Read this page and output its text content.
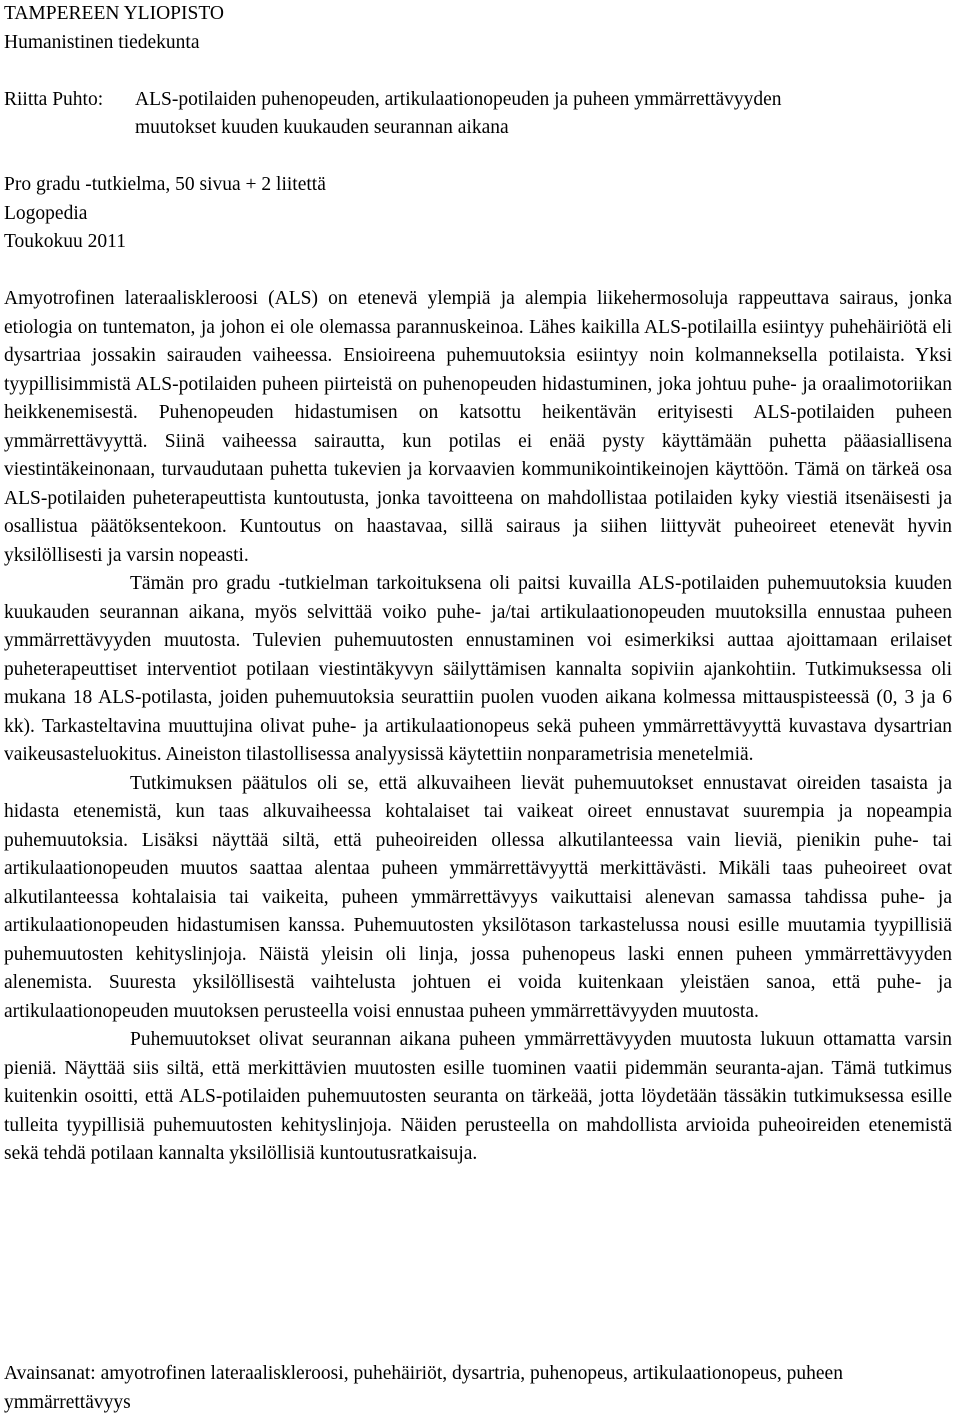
TAMPEREEN YLIOPISTO
Humanistinen tiedekunta
Riitta Puhto:	ALS-potilaiden puhenopeuden, artikulaationopeuden ja puheen ymmärrettävyyden
muutokset kuuden kuukauden seurannan aikana
Pro gradu -tutkielma, 50 sivua + 2 liitettä
Logopedia
Toukokuu 2011

Amyotrofinen lateraaliskleroosi (ALS) on etenevä ylempiä ja alempia liikehermosoluja rappeuttava sairaus, jonka etiologia on tuntematon, ja johon ei ole olemassa parannuskeinoa. Lähes kaikilla ALS-potilailla esiintyy puhehäiriötä eli dysartriaa jossakin sairauden vaiheessa. Ensioireena puhemuutoksia esiintyy noin kolmanneksella potilaista. Yksi tyypillisimmistä ALS-potilaiden puheen piirteistä on puhenopeuden hidastuminen, joka johtuu puhe- ja oraalimotoriikan heikkenemisestä. Puhenopeuden hidastumisen on katsottu heikentävän erityisesti ALS-potilaiden puheen ymmärrettävyyttä. Siinä vaiheessa sairautta, kun potilas ei enää pysty käyttämään puhetta pääasiallisena viestintäkeinonaan, turvaudutaan puhetta tukevien ja korvaavien kommunikointikeinojen käyttöön. Tämä on tärkeä osa ALS-potilaiden puheterapeuttista kuntoutusta, jonka tavoitteena on mahdollistaa potilaiden kyky viestiä itsenäisesti ja osallistua päätöksentekoon. Kuntoutus on haastavaa, sillä sairaus ja siihen liittyvät puheoireet etenevät hyvin yksilöllisesti ja varsin nopeasti.

Tämän pro gradu -tutkielman tarkoituksena oli paitsi kuvailla ALS-potilaiden puhemuutoksia kuuden kuukauden seurannan aikana, myös selvittää voiko puhe- ja/tai artikulaationopeuden muutoksilla ennustaa puheen ymmärrettävyyden muutosta. Tulevien puhemuutosten ennustaminen voi esimerkiksi auttaa ajoittamaan erilaiset puheterapeuttiset interventiot potilaan viestintäkyvyn säilyttämisen kannalta sopiviin ajankohtiin. Tutkimuksessa oli mukana 18 ALS-potilasta, joiden puhemuutoksia seurattiin puolen vuoden aikana kolmessa mittauspisteessä (0, 3 ja 6 kk). Tarkasteltavina muuttujina olivat puhe- ja artikulaationopeus sekä puheen ymmärrettävyyttä kuvastava dysartrian vaikeusasteluokitus. Aineiston tilastollisessa analyysissä käytettiin nonparametrisia menetelmiä.

Tutkimuksen päätulos oli se, että alkuvaiheen lievät puhemuutokset ennustavat oireiden tasaista ja hidasta etenemistä, kun taas alkuvaiheessa kohtalaiset tai vaikeat oireet ennustavat suurempia ja nopeampia puhemuutoksia. Lisäksi näyttää siltä, että puheoireiden ollessa alkutilanteessa vain lieviä, pienikin puhe- tai artikulaationopeuden muutos saattaa alentaa puheen ymmärrettävyyttä merkittävästi. Mikäli taas puheoireet ovat alkutilanteessa kohtalaisia tai vaikeita, puheen ymmärrettävyys vaikuttaisi alenevan samassa tahdissa puhe- ja artikulaationopeuden hidastumisen kanssa. Puhemuutosten yksilötason tarkastelussa nousi esille muutamia tyypillisiä puhemuutosten kehityslinjoja. Näistä yleisin oli linja, jossa puhenopeus laski ennen puheen ymmärrettävyyden alenemista. Suuresta yksilöllisestä vaihtelusta johtuen ei voida kuitenkaan yleistäen sanoa, että puhe- ja artikulaationopeuden muutoksen perusteella voisi ennustaa puheen ymmärrettävyyden muutosta.

Puhemuutokset olivat seurannan aikana puheen ymmärrettävyyden muutosta lukuun ottamatta varsin pieniä. Näyttää siis siltä, että merkittävien muutosten esille tuominen vaatii pidemmän seuranta-ajan. Tämä tutkimus kuitenkin osoitti, että ALS-potilaiden puhemuutosten seuranta on tärkeää, jotta löydetään tässäkin tutkimuksessa esille tulleita tyypillisiä puhemuutosten kehityslinjoja. Näiden perusteella on mahdollista arvioida puheoireiden etenemistä sekä tehdä potilaan kannalta yksilöllisiä kuntoutusratkaisuja.

Avainsanat: amyotrofinen lateraaliskleroosi, puhehäiriöt, dysartria, puhenopeus, artikulaationopeus, puheen ymmärrettävyys
